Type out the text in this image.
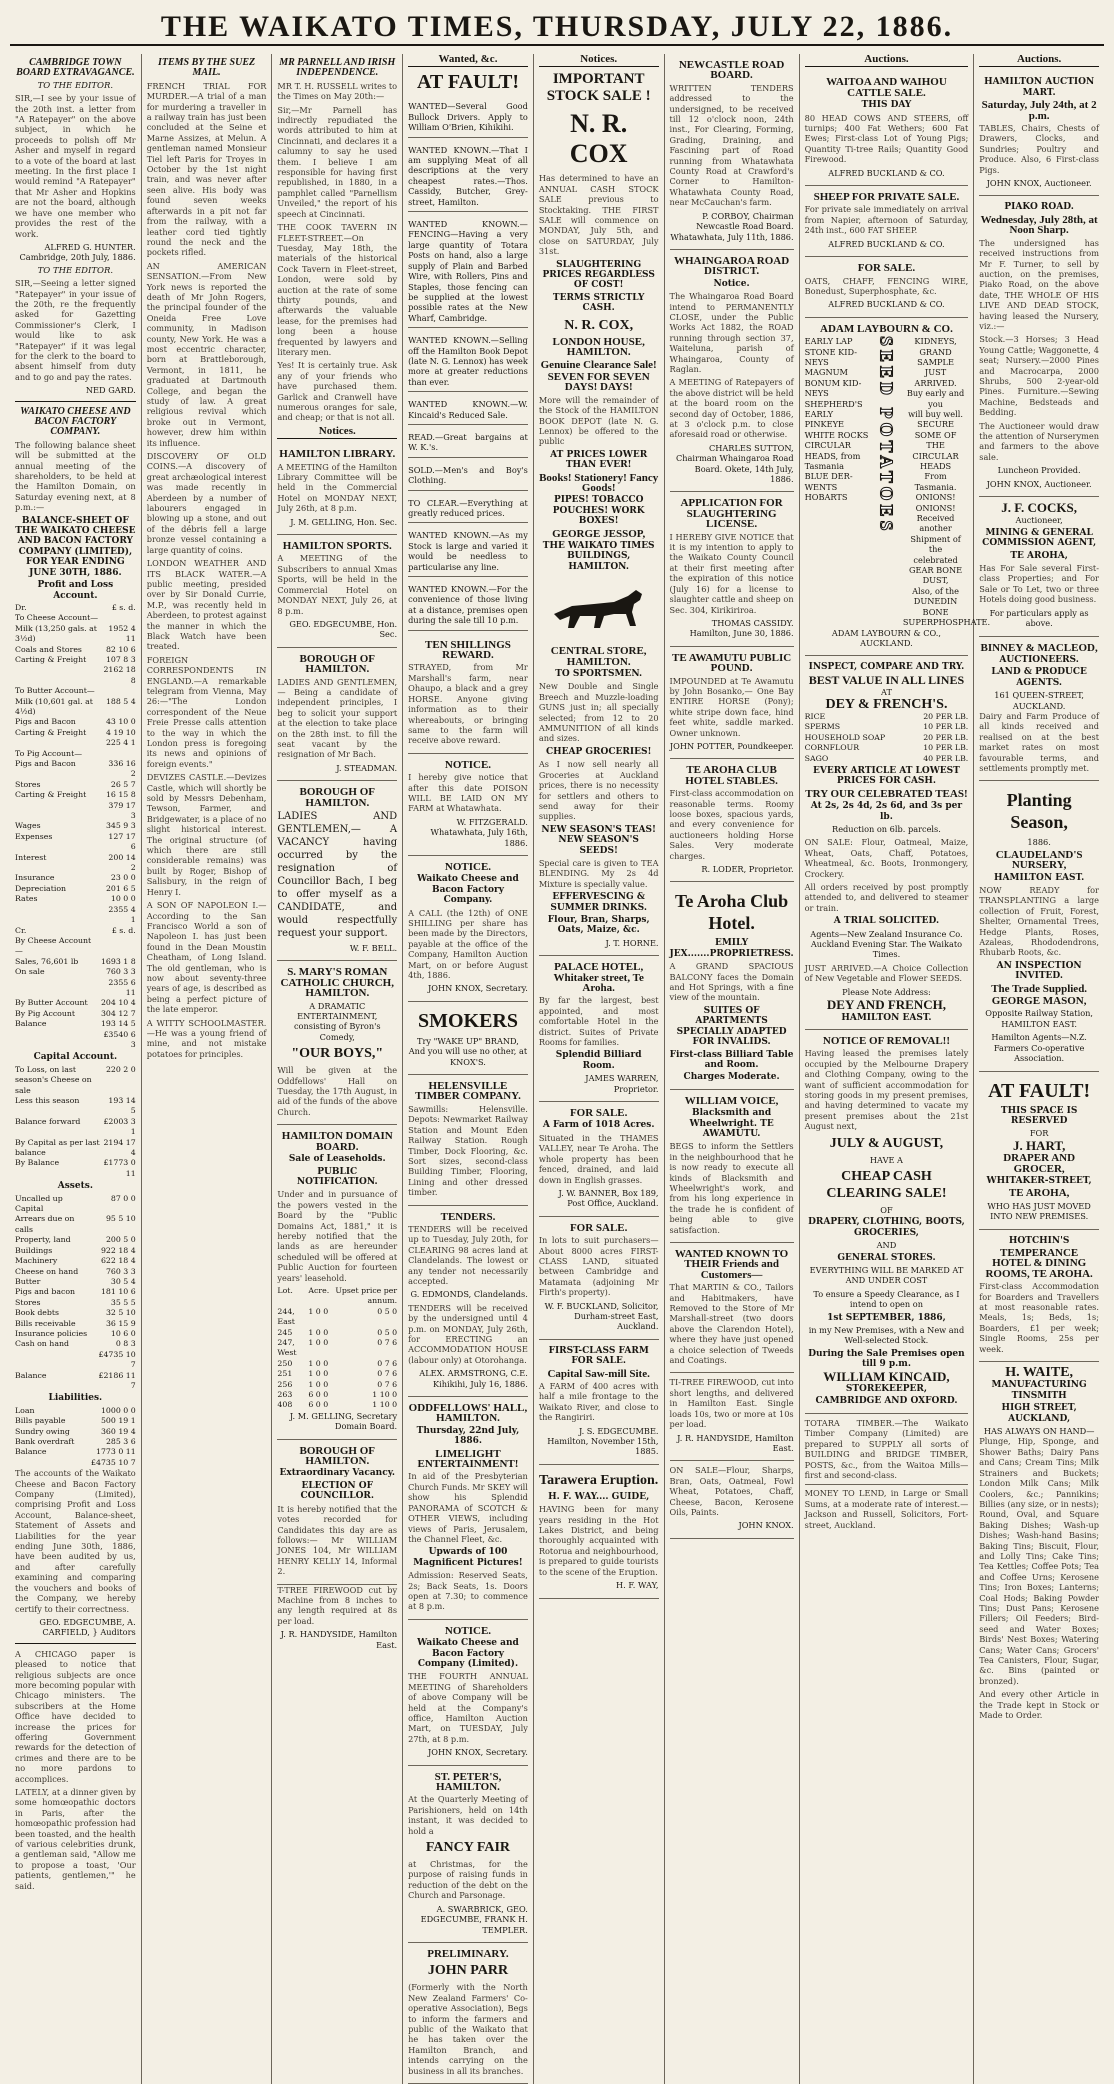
THE WAIKATO TIMES, THURSDAY, JULY 22, 1886.
CAMBRIDGE TOWN BOARD EXTRAVAGANCE.
TO THE EDITOR.

SIR,—I see by your issue of the 20th inst. a letter from "A Ratepayer" on the above subject, in which he proceeds to polish off Mr Asher and myself in regard to a vote of the board at last meeting. In the first place I would remind "A Ratepayer" that Mr Asher and Hopkins are not the board, although we have one member who provides the rest of the work.

ALFRED G. HUNTER. Cambridge, 20th July, 1886.

TO THE EDITOR.

SIR,—Seeing a letter signed "Ratepayer" in your issue of the 20th, re the frequently asked for Gazetting Commissioner's Clerk, I would like to ask "Ratepayer" if it was legal for the clerk to the board to absent himself from duty and to go and pay the rates.

NED GARD.

WAIKATO CHEESE AND BACON FACTORY COMPANY.

The following balance sheet will be submitted at the annual meeting of the shareholders, to be held at the Hamilton Domain, on Saturday evening next, at 8 p.m.:—

BALANCE-SHEET OF THE WAIKATO CHEESE AND BACON FACTORY COMPANY (LIMITED), FOR YEAR ENDING JUNE 30TH, 1886.
Profit and Loss Account.
Dr.	£ s. d.
To Cheese Account—	
Milk (13,250 gals. at 3½d)	1952 4 11
Coals and Stores	82 10 6
Carting & Freight	107 8 3
	2162 18 8
To Butter Account—	
Milk (10,601 gal. at 4½d)	188 5 4
Pigs and Bacon	43 10 0
Carting & Freight	4 19 10
	225 4 1
To Pig Account—	
Pigs and Bacon	336 16 2
Stores	26 5 7
Carting & Freight	16 15 8
	379 17 3
Wages	345 9 3
Expenses	127 17 6
Interest	200 14 2
Insurance	23 0 0
Depreciation	201 6 5
Rates	10 0 0
	2355 4 1
Cr.	£ s. d.
By Cheese Account—	
Sales, 76,601 lb	1693 1 8
On sale	760 3 3
	2355 6 11
By Butter Account	204 10 4
By Pig Account	304 12 7
Balance	193 14 5
	£3540 6 3
Capital Account.
To Loss, on last season's Cheese on sale	220 2 0
Less this season	193 14 5
Balance forward	£2003 3 1
By Capital as per last balance	2194 17 4
By Balance	£1773 0 11
Assets.
Uncalled up Capital	87 0 0
Arrears due on calls	95 5 10
Property, land	200 5 0
Buildings	922 18 4
Machinery	622 18 4
Cheese on hand	760 3 3
Butter	30 5 4
Pigs and bacon	181 10 6
Stores	35 5 5
Book debts	32 5 10
Bills receivable	36 15 9
Insurance policies	10 6 0
Cash on hand	0 8 3
	£4735 10 7
Balance	£2186 11 7
Liabilities.
Loan	1000 0 0
Bills payable	500 19 1
Sundry owing	360 19 4
Bank overdraft	285 3 6
Balance	1773 0 11
	£4735 10 7

The accounts of the Waikato Cheese and Bacon Factory Company (Limited), comprising Profit and Loss Account, Balance-sheet, Statement of Assets and Liabilities for the year ending June 30th, 1886, have been audited by us, and after carefully examining and comparing the vouchers and books of the Company, we hereby certify to their correctness.

GEO. EDGECUMBE, A. CARFIELD, } Auditors

A CHICAGO paper is pleased to notice that religious subjects are once more becoming popular with Chicago ministers. The subscribers at the Home Office have decided to increase the prices for offering Government rewards for the detection of crimes and there are to be no more pardons to accomplices.

LATELY, at a dinner given by some homœopathic doctors in Paris, after the homœopathic profession had been toasted, and the health of various celebrities drunk, a gentleman said, "Allow me to propose a toast, 'Our patients, gentlemen,'" he said.

ITEMS BY THE SUEZ MAIL.

FRENCH TRIAL FOR MURDER.—A trial of a man for murdering a traveller in a railway train has just been concluded at the Seine et Marne Assizes, at Melun. A gentleman named Monsieur Tiel left Paris for Troyes in October by the 1st night train, and was never after seen alive. His body was found seven weeks afterwards in a pit not far from the railway, with a leather cord tied tightly round the neck and the pockets rifled.

AN AMERICAN SENSATION.—From New York news is reported the death of Mr John Rogers, the principal founder of the Oneida Free Love community, in Madison county, New York. He was a most eccentric character, born at Brattleborough, Vermont, in 1811, he graduated at Dartmouth College, and began the study of law. A great religious revival which broke out in Vermont, however, drew him within its influence.

DISCOVERY OF OLD COINS.—A discovery of great archæological interest was made recently in Aberdeen by a number of labourers engaged in blowing up a stone, and out of the débris fell a large bronze vessel containing a large quantity of coins.

LONDON WEATHER AND ITS BLACK WATER.—A public meeting, presided over by Sir Donald Currie, M.P., was recently held in Aberdeen, to protest against the manner in which the Black Watch have been treated.

FOREIGN CORRESPONDENTS IN ENGLAND.—A remarkable telegram from Vienna, May 26:—"The London correspondent of the Neue Freie Presse calls attention to the way in which the London press is foregoing its news and opinions of foreign events."

DEVIZES CASTLE.—Devizes Castle, which will shortly be sold by Messrs Debenham, Tewson, Farmer, and Bridgewater, is a place of no slight historical interest. The original structure (of which there are still considerable remains) was built by Roger, Bishop of Salisbury, in the reign of Henry I.

A SON OF NAPOLEON I.—According to the San Francisco World a son of Napoleon I. has just been found in the Dean Moustin Cheatham, of Long Island. The old gentleman, who is now about seventy-three years of age, is described as being a perfect picture of the late emperor.

A WITTY SCHOOLMASTER.—He was a young friend of mine, and not mistake potatoes for principles.

MR PARNELL AND IRISH INDEPENDENCE.

MR T. H. RUSSELL writes to the Times on May 20th:—

Sir,—Mr Parnell has indirectly repudiated the words attributed to him at Cincinnati, and declares it a calumny to say he used them. I believe I am responsible for having first republished, in 1880, in a pamphlet called "Parnellism Unveiled," the report of his speech at Cincinnati.

THE COOK TAVERN IN FLEET-STREET.—On Tuesday, May 18th, the materials of the historical Cock Tavern in Fleet-street, London, were sold by auction at the rate of some thirty pounds, and afterwards the valuable lease, for the premises had long been a house frequented by lawyers and literary men.

Yes! It is certainly true. Ask any of your friends who have purchased them. Garlick and Cranwell have numerous oranges for sale, and cheap; or that is not all.

Notices.
HAMILTON LIBRARY.

A MEETING of the Hamilton Library Committee will be held in the Commercial Hotel on MONDAY NEXT, July 26th, at 8 p.m.

J. M. GELLING, Hon. Sec.

HAMILTON SPORTS.

A MEETING of the Subscribers to annual Xmas Sports, will be held in the Commercial Hotel on MONDAY NEXT, July 26, at 8 p.m.

GEO. EDGECUMBE, Hon. Sec.

BOROUGH OF HAMILTON.

LADIES AND GENTLEMEN,— Being a candidate of independent principles, I beg to solicit your support at the election to take place on the 28th inst. to fill the seat vacant by the resignation of Mr Bach.

J. STEADMAN.

BOROUGH OF HAMILTON.

LADIES AND GENTLEMEN,— A VACANCY having occurred by the resignation of Councillor Bach, I beg to offer myself as a CANDIDATE, and would respectfully request your support.

W. F. BELL.

S. MARY'S ROMAN CATHOLIC CHURCH, HAMILTON.

A DRAMATIC ENTERTAINMENT, consisting of Byron's Comedy,

"OUR BOYS,"

Will be given at the Oddfellows' Hall on Tuesday, the 17th August, in aid of the funds of the above Church.

HAMILTON DOMAIN BOARD.
Sale of Leaseholds.
PUBLIC NOTIFICATION.

Under and in pursuance of the powers vested in the Board by the "Public Domains Act, 1881," it is hereby notified that the lands as are hereunder scheduled will be offered at Public Auction for fourteen years' leasehold.

Lot.	Acre.	Upset price per annum.
244, East	1 0 0	0 5 0
245	1 0 0	0 5 0
247, West	1 0 0	0 7 6
250	1 0 0	0 7 6
251	1 0 0	0 7 6
256	1 0 0	0 7 6
263	6 0 0	1 10 0
408	6 0 0	1 10 0

J. M. GELLING, Secretary Domain Board.

BOROUGH OF HAMILTON.
Extraordinary Vacancy.
ELECTION OF COUNCILLOR.

It is hereby notified that the votes recorded for Candidates this day are as follows:— Mr WILLIAM JONES 104, Mr WILLIAM HENRY KELLY 14, Informal 2.

T-TREE FIREWOOD cut by Machine from 8 inches to any length required at 8s per load.

J. R. HANDYSIDE, Hamilton East.

Wanted, &c.
AT FAULT!

WANTED—Several Good Bullock Drivers. Apply to William O'Brien, Kihikihi.

WANTED KNOWN.—That I am supplying Meat of all descriptions at the very cheapest rates.—Thos. Cassidy, Butcher, Grey-street, Hamilton.

WANTED KNOWN.—FENCING—Having a very large quantity of Totara Posts on hand, also a large supply of Plain and Barbed Wire, with Rollers, Pins and Staples, those fencing can be supplied at the lowest possible rates at the New Wharf, Cambridge.

WANTED KNOWN.—Selling off the Hamilton Book Depot (late N. G. Lennox) has week more at greater reductions than ever.

WANTED KNOWN.—W. Kincaid's Reduced Sale.

READ.—Great bargains at W. K.'s.

SOLD.—Men's and Boy's Clothing.

TO CLEAR.—Everything at greatly reduced prices.

WANTED KNOWN.—As my Stock is large and varied it would be needless to particularise any line.

WANTED KNOWN.—For the convenience of those living at a distance, premises open during the sale till 10 p.m.

TEN SHILLINGS REWARD.

STRAYED, from Mr Marshall's farm, near Ohaupo, a black and a grey HORSE. Anyone giving information as to their whereabouts, or bringing same to the farm will receive above reward.

NOTICE.

I hereby give notice that after this date POISON WILL BE LAID ON MY FARM at Whatawhata.

W. FITZGERALD. Whatawhata, July 16th, 1886.

NOTICE.
Waikato Cheese and Bacon Factory Company.

A CALL (the 12th) of ONE SHILLING per share has been made by the Directors, payable at the office of the Company, Hamilton Auction Mart, on or before August 4th, 1886.

JOHN KNOX, Secretary.

SMOKERS

Try "WAKE UP" BRAND, And you will use no other, at KNOX'S.

HELENSVILLE TIMBER COMPANY.

Sawmills: Helensville. Depots: Newmarket Railway Station and Mount Eden Railway Station. Rough Timber, Dock Flooring, &c. Sort sizes, second-class Building Timber, Flooring, Lining and other dressed timber.

TENDERS.

TENDERS will be received up to Tuesday, July 20th, for CLEARING 98 acres land at Clandelands. The lowest or any tender not necessarily accepted.

G. EDMONDS, Clandelands.

TENDERS will be received by the undersigned until 4 p.m. on MONDAY, July 26th, for ERECTING an ACCOMMODATION HOUSE (labour only) at Otorohanga.

ALEX. ARMSTRONG, C.E. Kihikihi, July 16, 1886.

ODDFELLOWS' HALL, HAMILTON.
Thursday, 22nd July, 1886.
LIMELIGHT ENTERTAINMENT!

In aid of the Presbyterian Church Funds. Mr SKEY will show his Splendid PANORAMA of SCOTCH & OTHER VIEWS, including views of Paris, Jerusalem, the Channel Fleet, &c.

Upwards of 100 Magnificent Pictures!

Admission: Reserved Seats, 2s; Back Seats, 1s. Doors open at 7.30; to commence at 8 p.m.

NOTICE.
Waikato Cheese and Bacon Factory Company (Limited).

THE FOURTH ANNUAL MEETING of Shareholders of above Company will be held at the Company's office, Hamilton Auction Mart, on TUESDAY, July 27th, at 8 p.m.

JOHN KNOX, Secretary.

ST. PETER'S, HAMILTON.

At the Quarterly Meeting of Parishioners, held on 14th instant, it was decided to hold a

FANCY FAIR

at Christmas, for the purpose of raising funds in reduction of the debt on the Church and Parsonage.

A. SWARBRICK, GEO. EDGECUMBE, FRANK H. TEMPLER.

PRELIMINARY.
JOHN PARR

(Formerly with the North New Zealand Farmers' Co-operative Association), Begs to inform the farmers and public of the Waikato that he has taken over the Hamilton Branch, and intends carrying on the business in all its branches.

Notices.
IMPORTANT STOCK SALE !
N. R. COX

Has determined to have an ANNUAL CASH STOCK SALE previous to Stocktaking. THE FIRST SALE will commence on MONDAY, July 5th, and close on SATURDAY, July 31st.

SLAUGHTERING PRICES REGARDLESS OF COST!
TERMS STRICTLY CASH.
N. R. COX,
LONDON HOUSE, HAMILTON.
Genuine Clearance Sale!
SEVEN FOR SEVEN DAYS! DAYS!

More will the remainder of the Stock of the HAMILTON BOOK DEPOT (late N. G. Lennox) be offered to the public

AT PRICES LOWER THAN EVER!
Books! Stationery! Fancy Goods!
PIPES! TOBACCO POUCHES! WORK BOXES!
GEORGE JESSOP,
THE WAIKATO TIMES BUILDINGS, HAMILTON.
CENTRAL STORE, HAMILTON.
TO SPORTSMEN.

New Double and Single Breech and Muzzle-loading GUNS just in; all specially selected; from 12 to 20 AMMUNITION of all kinds and sizes.

CHEAP GROCERIES!

As I now sell nearly all Groceries at Auckland prices, there is no necessity for settlers and others to send away for their supplies.

NEW SEASON'S TEAS! NEW SEASON'S SEEDS!

Special care is given to TEA BLENDING. My 2s 4d Mixture is specially value.

EFFERVESCING & SUMMER DRINKS.
Flour, Bran, Sharps, Oats, Maize, &c.

J. T. HORNE.

PALACE HOTEL, Whitaker street, Te Aroha.

By far the largest, best appointed, and most comfortable Hotel in the district. Suites of Private Rooms for families.

Splendid Billiard Room.

JAMES WARREN, Proprietor.

FOR SALE.
A Farm of 1018 Acres.

Situated in the THAMES VALLEY, near Te Aroha. The whole property has been fenced, drained, and laid down in English grasses.

J. W. BANNER, Box 189, Post Office, Auckland.

FOR SALE.

In lots to suit purchasers—About 8000 acres FIRST-CLASS LAND, situated between Cambridge and Matamata (adjoining Mr Firth's property).

W. F. BUCKLAND, Solicitor, Durham-street East, Auckland.

FIRST-CLASS FARM FOR SALE.
Capital Saw-mill Site.

A FARM of 400 acres with half a mile frontage to the Waikato River, and close to the Rangiriri.

J. S. EDGECUMBE. Hamilton, November 15th, 1885.

Tarawera Eruption.
H. F. WAY.... GUIDE,

HAVING been for many years residing in the Hot Lakes District, and being thoroughly acquainted with Rotorua and neighbourhood, is prepared to guide tourists to the scene of the Eruption.

H. F. WAY,

NEWCASTLE ROAD BOARD.

WRITTEN TENDERS addressed to the undersigned, to be received till 12 o'clock noon, 24th inst., For Clearing, Forming, Grading, Draining, and Fascining part of Road running from Whatawhata County Road at Crawford's Corner to Hamilton-Whatawhata County Road, near McCauchan's farm.

P. CORBOY, Chairman Newcastle Road Board. Whatawhata, July 11th, 1886.

WHAINGAROA ROAD DISTRICT.
Notice.

The Whaingaroa Road Board intend to PERMANENTLY CLOSE, under the Public Works Act 1882, the ROAD running through section 37, Waiteluna, parish of Whaingaroa, County of Raglan.

A MEETING of Ratepayers of the above district will be held at the board room on the second day of October, 1886, at 3 o'clock p.m. to close aforesaid road or otherwise.

CHARLES SUTTON, Chairman Whaingaroa Road Board. Okete, 14th July, 1886.

APPLICATION FOR SLAUGHTERING LICENSE.

I HEREBY GIVE NOTICE that it is my intention to apply to the Waikato County Council at their first meeting after the expiration of this notice (July 16) for a license to slaughter cattle and sheep on Sec. 304, Kirikiriroa.

THOMAS CASSIDY. Hamilton, June 30, 1886.

TE AWAMUTU PUBLIC POUND.

IMPOUNDED at Te Awamutu by John Bosanko,— One Bay ENTIRE HORSE (Pony); white stripe down face, hind feet white, saddle marked. Owner unknown.

JOHN POTTER, Poundkeeper.

TE AROHA CLUB HOTEL STABLES.

First-class accommodation on reasonable terms. Roomy loose boxes, spacious yards, and every convenience for auctioneers holding Horse Sales. Very moderate charges.

R. LODER, Proprietor.

Te Aroha Club Hotel.
EMILY JEX.......PROPRIETRESS.

A GRAND SPACIOUS BALCONY faces the Domain and Hot Springs, with a fine view of the mountain.

SUITES OF APARTMENTS SPECIALLY ADAPTED FOR INVALIDS.
First-class Billiard Table and Room.
Charges Moderate.
WILLIAM VOICE,
Blacksmith and Wheelwright. TE AWAMUTU.

BEGS to inform the Settlers in the neighbourhood that he is now ready to execute all kinds of Blacksmith and Wheelwright's work, and from his long experience in the trade he is confident of being able to give satisfaction.

WANTED KNOWN TO THEIR Friends and Customers—

That MARTIN & CO., Tailors and Habitmakers, have Removed to the Store of Mr Marshall-street (two doors above the Clarendon Hotel), where they have just opened a choice selection of Tweeds and Coatings.

TI-TREE FIREWOOD, cut into short lengths, and delivered in Hamilton East. Single loads 10s, two or more at 10s per load.

J. R. HANDYSIDE, Hamilton East.

ON SALE—Flour, Sharps, Bran, Oats, Oatmeal, Fowl Wheat, Potatoes, Chaff, Cheese, Bacon, Kerosene Oils, Paints.

JOHN KNOX.

Auctions.
WAITOA AND WAIHOU CATTLE SALE.
THIS DAY

80 HEAD COWS AND STEERS, off turnips; 400 Fat Wethers; 600 Fat Ewes; First-class Lot of Young Pigs; Quantity Ti-tree Rails; Quantity Good Firewood.

ALFRED BUCKLAND & CO.

SHEEP FOR PRIVATE SALE.

For private sale immediately on arrival from Napier, afternoon of Saturday, 24th inst., 600 FAT SHEEP.

ALFRED BUCKLAND & CO.

FOR SALE.

OATS, CHAFF, FENCING WIRE, Bonedust, Superphosphate, &c.

ALFRED BUCKLAND & CO.

ADAM LAYBOURN & CO.
EARLY LAP
STONE KID-
NEYS
MAGNUM
BONUM KID-
NEYS
SHEPHERD'S
EARLY
PINKEYE
WHITE ROCKS
CIRCULAR
HEADS, from
Tasmania
BLUE DER-
WENTS
HOBARTS	SEED POTATOES	KIDNEYS,
GRAND SAMPLE
JUST ARRIVED.
Buy early and you
will buy well.
SECURE SOME OF
THE CIRCULAR HEADS
From Tasmania.
ONIONS!
ONIONS!
Received another
Shipment of the
celebrated
GEAR BONE
DUST,
Also, of the
DUNEDIN
BONE SUPERPHOSPHATE.

ADAM LAYBOURN & CO., AUCKLAND.

INSPECT, COMPARE AND TRY.
BEST VALUE IN ALL LINES
AT
DEY & FRENCH'S.
RICE	20 PER LB.
SPERMS	10 PER LB.
HOUSEHOLD SOAP	20 PER LB.
CORNFLOUR	10 PER LB.
SAGO	40 PER LB.
EVERY ARTICLE AT LOWEST PRICES FOR CASH.
TRY OUR CELEBRATED TEAS!
At 2s, 2s 4d, 2s 6d, and 3s per lb.

Reduction on 6lb. parcels.

ON SALE: Flour, Oatmeal, Maize, Wheat, Oats, Chaff, Potatoes, Wheatmeal, &c. Boots, Ironmongery, Crockery.

All orders received by post promptly attended to, and delivered to steamer or train.

A TRIAL SOLICITED.

Agents—New Zealand Insurance Co. Auckland Evening Star. The Waikato Times.

JUST ARRIVED.—A Choice Collection of New Vegetable and Flower SEEDS.

Please Note Address:

DEY AND FRENCH,
HAMILTON EAST.
NOTICE OF REMOVAL!!

Having leased the premises lately occupied by the Melbourne Drapery and Clothing Company, owing to the want of sufficient accommodation for storing goods in my present premises, and having determined to vacate my present premises about the 21st August next,

JULY & AUGUST,
HAVE A
CHEAP CASH CLEARING SALE!
OF
DRAPERY, CLOTHING, BOOTS, GROCERIES,
AND
GENERAL STORES.

EVERYTHING WILL BE MARKED AT AND UNDER COST

To ensure a Speedy Clearance, as I intend to open on

1st SEPTEMBER, 1886,

in my New Premises, with a New and Well-selected Stock.

During the Sale Premises open till 9 p.m.
WILLIAM KINCAID,
STOREKEEPER,
CAMBRIDGE AND OXFORD.

TOTARA TIMBER.—The Waikato Timber Company (Limited) are prepared to SUPPLY all sorts of BUILDING and BRIDGE TIMBER, POSTS, &c., from the Waitoa Mills—first and second-class.

MONEY TO LEND, in Large or Small Sums, at a moderate rate of interest.—Jackson and Russell, Solicitors, Fort-street, Auckland.

Auctions.
HAMILTON AUCTION MART.
Saturday, July 24th, at 2 p.m.

TABLES, Chairs, Chests of Drawers, Clocks, and Sundries; Poultry and Produce. Also, 6 First-class Pigs.

JOHN KNOX, Auctioneer.

PIAKO ROAD.
Wednesday, July 28th, at Noon Sharp.

The undersigned has received instructions from Mr F. Turner, to sell by auction, on the premises, Piako Road, on the above date, THE WHOLE OF HIS LIVE AND DEAD STOCK, having leased the Nursery, viz.:—

Stock.—3 Horses; 3 Head Young Cattle; Waggonette, 4 seat; Nursery.—2000 Pines and Macrocarpa, 2000 Shrubs, 500 2-year-old Pines. Furniture.—Sewing Machine, Bedsteads and Bedding.

The Auctioneer would draw the attention of Nurserymen and farmers to the above sale.

Luncheon Provided.

JOHN KNOX, Auctioneer.

J. F. COCKS,
Auctioneer,
MINING & GENERAL COMMISSION AGENT,
TE AROHA,

Has For Sale several First-class Properties; and For Sale or To Let, two or three Hotels doing good business.

For particulars apply as above.

BINNEY & MACLEOD,
AUCTIONEERS.
LAND & PRODUCE AGENTS.
161 QUEEN-STREET, AUCKLAND.

Dairy and Farm Produce of all kinds received and realised on at the best market rates on most favourable terms, and settlements promptly met.

Planting Season,
1886.
CLAUDELAND'S NURSERY,
HAMILTON EAST.

NOW READY for TRANSPLANTING a large collection of Fruit, Forest, Shelter, Ornamental Trees, Hedge Plants, Roses, Azaleas, Rhododendrons, Rhubarb Roots, &c.

AN INSPECTION INVITED.
The Trade Supplied.
GEORGE MASON,

Opposite Railway Station, HAMILTON EAST.

Hamilton Agents—N.Z. Farmers Co-operative Association.

AT FAULT!
THIS SPACE IS RESERVED
FOR
J. HART,
DRAPER AND GROCER,
WHITAKER-STREET,
TE AROHA,

WHO HAS JUST MOVED INTO NEW PREMISES.

HOTCHIN'S
TEMPERANCE HOTEL & DINING ROOMS, TE AROHA.

First-class Accommodation for Boarders and Travellers at most reasonable rates. Meals, 1s; Beds, 1s; Boarders, £1 per week; Single Rooms, 25s per week.

H. WAITE,
MANUFACTURING TINSMITH
HIGH STREET, AUCKLAND,
HAS ALWAYS ON HAND—

Plunge, Hip, Sponge, and Shower Baths; Dairy Pans and Cans; Cream Tins; Milk Strainers and Buckets; London Milk Cans; Milk Coolers, &c.; Pannikins; Billies (any size, or in nests); Round, Oval, and Square Baking Dishes; Wash-up Dishes; Wash-hand Basins; Baking Tins; Biscuit, Flour, and Lolly Tins; Cake Tins; Tea Kettles; Coffee Pots; Tea and Coffee Urns; Kerosene Tins; Iron Boxes; Lanterns; Coal Hods; Baking Powder Tins; Dust Pans; Kerosene Fillers; Oil Feeders; Bird-seed and Water Boxes; Birds' Nest Boxes; Watering Cans; Water Cans; Grocers' Tea Canisters, Flour, Sugar, &c. Bins (painted or bronzed).

And every other Article in the Trade kept in Stock or Made to Order.
